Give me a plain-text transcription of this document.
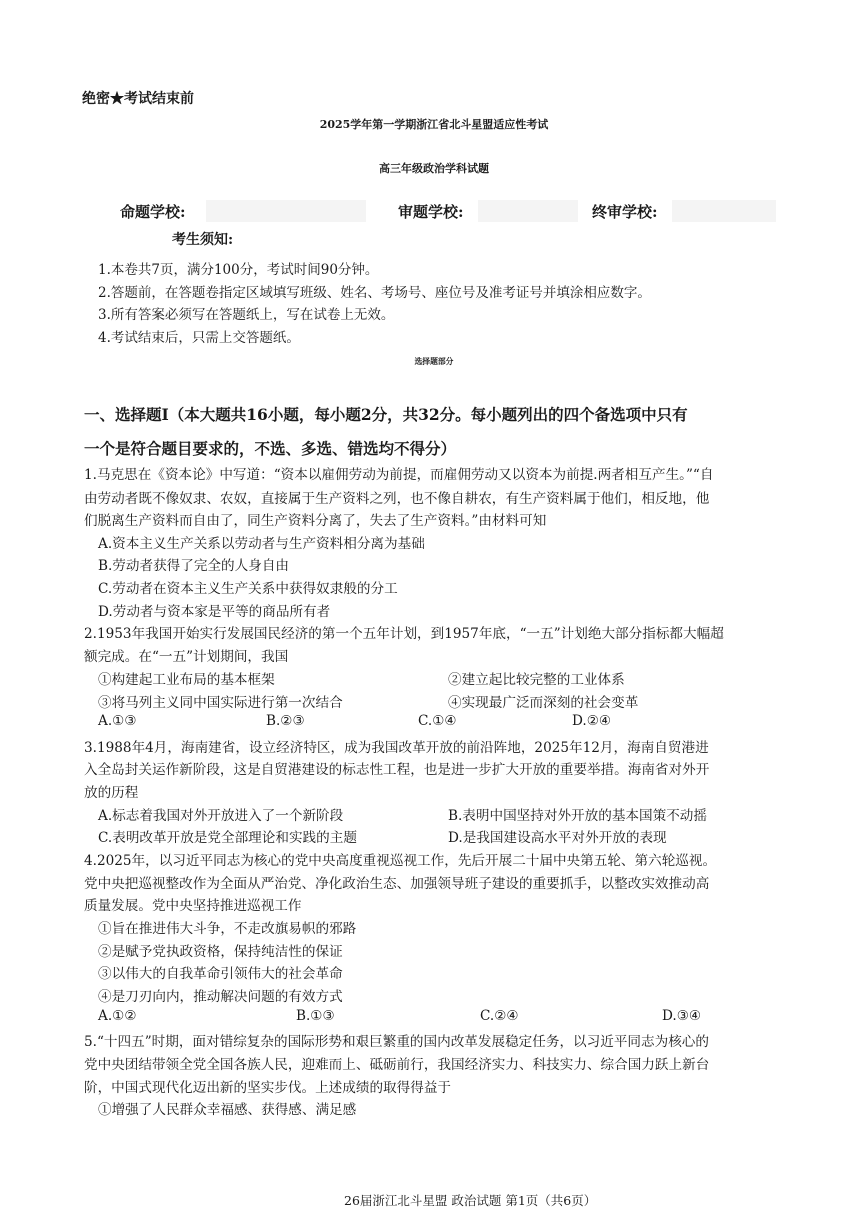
绝密★考试结束前
2025学年第一学期浙江省北斗星盟适应性考试
高三年级政治学科试题
命题学校:	审题学校:	终审学校:
考生须知:
1.本卷共7页，满分100分，考试时间90分钟。
2.答题前，在答题卷指定区域填写班级、姓名、考场号、座位号及准考证号并填涂相应数字。
3.所有答案必须写在答题纸上，写在试卷上无效。
4.考试结束后，只需上交答题纸。
选择题部分
一、选择题Ⅰ（本大题共16小题，每小题2分，共32分。每小题列出的四个备选项中只有
一个是符合题目要求的，不选、多选、错选均不得分）
1.马克思在《资本论》中写道：“资本以雇佣劳动为前提，而雇佣劳动又以资本为前提.两者相互产生。”“自
由劳动者既不像奴隶、农奴，直接属于生产资料之列，也不像自耕农，有生产资料属于他们，相反地，他
们脱离生产资料而自由了，同生产资料分离了，失去了生产资料。”由材料可知
A.资本主义生产关系以劳动者与生产资料相分离为基础
B.劳动者获得了完全的人身自由
C.劳动者在资本主义生产关系中获得奴隶般的分工
D.劳动者与资本家是平等的商品所有者
2.1953年我国开始实行发展国民经济的第一个五年计划，到1957年底，“一五”计划绝大部分指标都大幅超
额完成。在“一五”计划期间，我国
①构建起工业布局的基本框架	②建立起比较完整的工业体系
③将马列主义同中国实际进行第一次结合	④实现最广泛而深刻的社会变革
A.①③	B.②③	C.①④	D.②④
3.1988年4月，海南建省，设立经济特区，成为我国改革开放的前沿阵地，2025年12月，海南自贸港进
入全岛封关运作新阶段，这是自贸港建设的标志性工程，也是进一步扩大开放的重要举措。海南省对外开
放的历程
A.标志着我国对外开放进入了一个新阶段	B.表明中国坚持对外开放的基本国策不动摇
C.表明改革开放是党全部理论和实践的主题	D.是我国建设高水平对外开放的表现
4.2025年，以习近平同志为核心的党中央高度重视巡视工作，先后开展二十届中央第五轮、第六轮巡视。
党中央把巡视整改作为全面从严治党、净化政治生态、加强领导班子建设的重要抓手，以整改实效推动高
质量发展。党中央坚持推进巡视工作
①旨在推进伟大斗争，不走改旗易帜的邪路
②是赋予党执政资格，保持纯洁性的保证
③以伟大的自我革命引领伟大的社会革命
④是刀刃向内，推动解决问题的有效方式
A.①②	B.①③	C.②④	D.③④
5.“十四五”时期，面对错综复杂的国际形势和艰巨繁重的国内改革发展稳定任务，以习近平同志为核心的
党中央团结带领全党全国各族人民，迎难而上、砥砺前行，我国经济实力、科技实力、综合国力跃上新台
阶，中国式现代化迈出新的坚实步伐。上述成绩的取得得益于
①增强了人民群众幸福感、获得感、满足感
26届浙江北斗星盟 政治试题 第1页（共6页）
